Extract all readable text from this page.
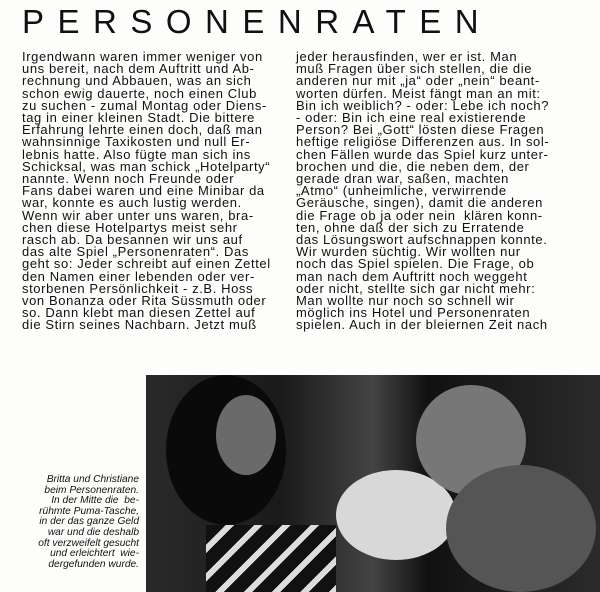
PERSONENRATEN
Irgendwann waren immer weniger von
uns bereit, nach dem Auftritt und Ab-
rechnung und Abbauen, was an sich
schon ewig dauerte, noch einen Club
zu suchen - zumal Montag oder Diens-
tag in einer kleinen Stadt. Die bittere
Erfahrung lehrte einen doch, daß man
wahnsinnige Taxikosten und null Er-
lebnis hatte. Also fügte man sich ins
Schicksal, was man schick „Hotelparty“
nannte. Wenn noch Freunde oder
Fans dabei waren und eine Minibar da
war, konnte es auch lustig werden.
Wenn wir aber unter uns waren, bra-
chen diese Hotelpartys meist sehr
rasch ab. Da besannen wir uns auf
das alte Spiel „Personenraten“. Das
geht so: Jeder schreibt auf einen Zettel
den Namen einer lebenden oder ver-
storbenen Persönlichkeit - z.B. Hoss
von Bonanza oder Rita Süssmuth oder
so. Dann klebt man diesen Zettel auf
die Stirn seines Nachbarn. Jetzt muß
jeder herausfinden, wer er ist. Man
muß Fragen über sich stellen, die die
anderen nur mit „ja“ oder „nein“ beant-
worten dürfen. Meist fängt man an mit:
Bin ich weiblich? - oder: Lebe ich noch?
- oder: Bin ich eine real existierende
Person? Bei „Gott“ lösten diese Fragen
heftige religiöse Differenzen aus. In sol-
chen Fällen wurde das Spiel kurz unter-
brochen und die, die neben dem, der
gerade dran war, saßen, machten
„Atmo“ (unheimliche, verwirrende
Geräusche, singen), damit die anderen
die Frage ob ja oder nein  klären konn-
ten, ohne daß der sich zu Erratende
das Lösungswort aufschnappen konnte.
Wir wurden süchtig. Wir wollten nur
noch das Spiel spielen. Die Frage, ob
man nach dem Auftritt noch weggeht
oder nicht, stellte sich gar nicht mehr:
Man wollte nur noch so schnell wir
möglich ins Hotel und Personenraten
spielen. Auch in der bleiernen Zeit nach
Britta und Christiane
beim Personenraten.
In der Mitte die  be-
rühmte Puma-Tasche,
in der das ganze Geld
war und die deshalb
oft verzweifelt gesucht
und erleichtert  wie-
dergefunden wurde.
